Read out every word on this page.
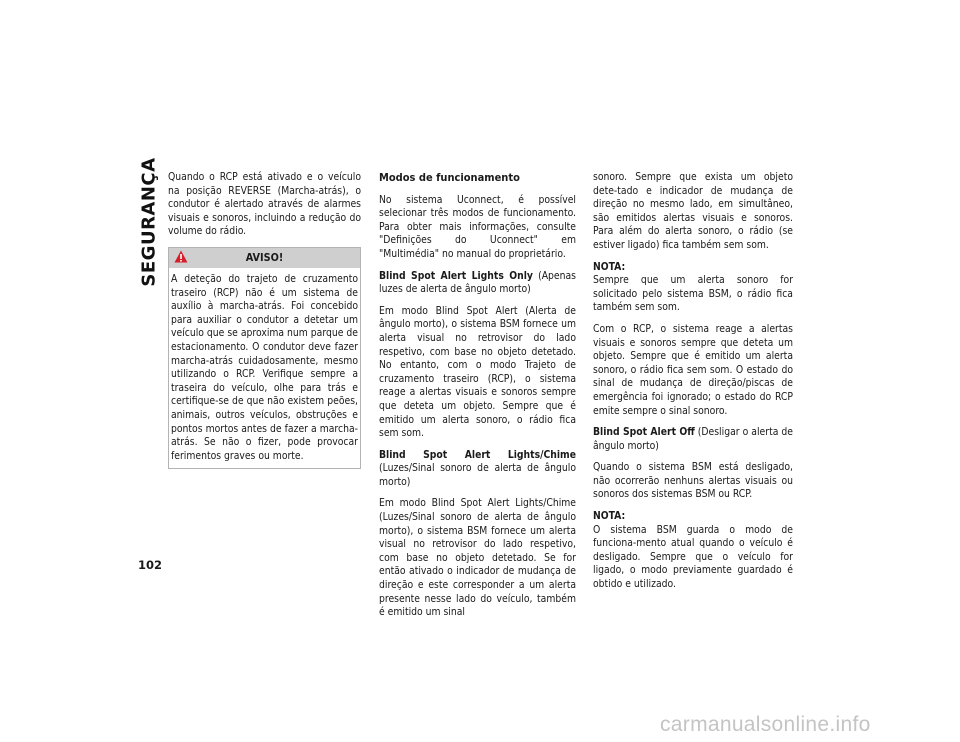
SEGURANÇA Quando o RCP está ativado e o veículo na posição REVERSE (Marcha-atrás), o condutor é alertado através de alarmes visuais e sonoros, incluindo a redução do volume do rádio.

AVISO!

A deteção do trajeto de cruzamento traseiro (RCP) não é um sistema de auxílio à marcha-atrás. Foi concebido para auxiliar o condutor a detetar um veículo que se aproxima num parque de estacionamento. O condutor deve fazer marcha-atrás cuidadosamente, mesmo utilizando o RCP. Verifique sempre a traseira do veículo, olhe para trás e certifique-se de que não existem peões, animais, outros veículos, obstruções e pontos mortos antes de fazer a marcha-atrás. Se não o fizer, pode provocar ferimentos graves ou morte.

Modos de funcionamento

No sistema Uconnect, é possível selecionar três modos de funcionamento. Para obter mais informações, consulte "Definições do Uconnect" em "Multimédia" no manual do proprietário.

Blind Spot Alert Lights Only (Apenas luzes de alerta de ângulo morto)

Em modo Blind Spot Alert (Alerta de ângulo morto), o sistema BSM fornece um alerta visual no retrovisor do lado respetivo, com base no objeto detetado. No entanto, com o modo Trajeto de cruzamento traseiro (RCP), o sistema reage a alertas visuais e sonoros sempre que deteta um objeto. Sempre que é emitido um alerta sonoro, o rádio fica sem som.

Blind Spot Alert Lights/Chime (Luzes/Sinal sonoro de alerta de ângulo morto)

Em modo Blind Spot Alert Lights/Chime (Luzes/Sinal sonoro de alerta de ângulo morto), o sistema BSM fornece um alerta visual no retrovisor do lado respetivo, com base no objeto detetado. Se for então ativado o indicador de mudança de direção e este corresponder a um alerta presente nesse lado do veículo, também é emitido um sinal

sonoro. Sempre que exista um objeto dete-tado e indicador de mudança de direção no mesmo lado, em simultâneo, são emitidos alertas visuais e sonoros. Para além do alerta sonoro, o rádio (se estiver ligado) fica também sem som.

NOTA:
Sempre que um alerta sonoro for solicitado pelo sistema BSM, o rádio fica também sem som.

Com o RCP, o sistema reage a alertas visuais e sonoros sempre que deteta um objeto. Sempre que é emitido um alerta sonoro, o rádio fica sem som. O estado do sinal de mudança de direção/piscas de emergência foi ignorado; o estado do RCP emite sempre o sinal sonoro.

Blind Spot Alert Off (Desligar o alerta de ângulo morto)

Quando o sistema BSM está desligado, não ocorrerão nenhuns alertas visuais ou sonoros dos sistemas BSM ou RCP.

NOTA:
O sistema BSM guarda o modo de funciona-mento atual quando o veículo é desligado. Sempre que o veículo for ligado, o modo previamente guardado é obtido e utilizado.

102
carmanualsonline.info
